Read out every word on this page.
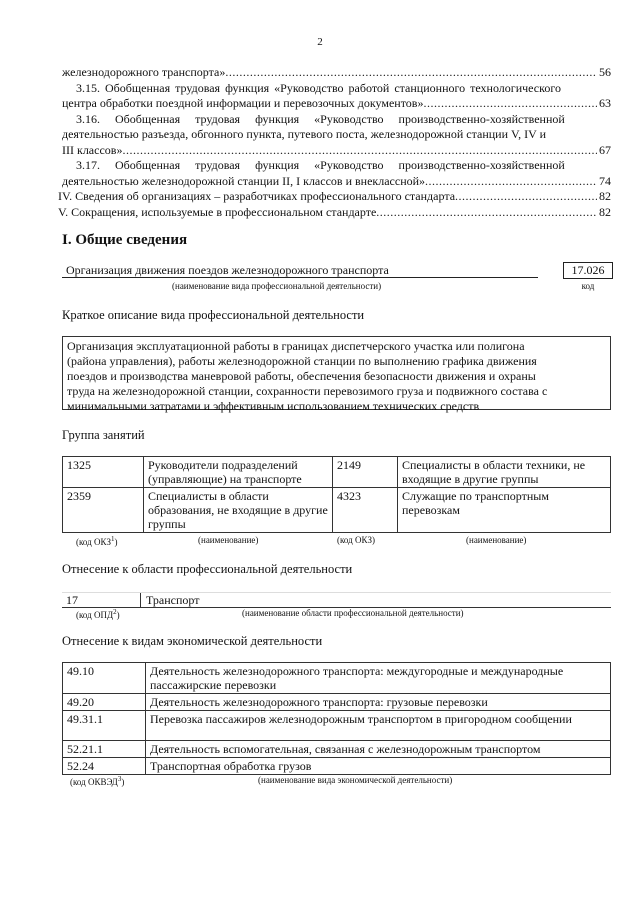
2
железнодорожного транспорта» .....	56
3.15. Обобщенная трудовая функция «Руководство работой станционного технологического
центра обработки поездной информации и перевозочных документов» .....	63
3.16. Обобщенная трудовая функция «Руководство производственно-хозяйственной
деятельностью разъезда, обгонного пункта, путевого поста, железнодорожной станции V, IV и
III классов» .....	67
3.17. Обобщенная трудовая функция «Руководство производственно-хозяйственной
деятельностью железнодорожной станции II, I классов и внеклассной» .....	74
IV. Сведения об организациях – разработчиках профессионального стандарта .....	82
V. Сокращения, используемые в профессиональном стандарте .....	82
I. Общие сведения
Организация движения поездов железнодорожного транспорта	17.026
(наименование вида профессиональной деятельности)	код
Краткое описание вида профессиональной деятельности
Организация эксплуатационной работы в границах диспетчерского участка или полигона
(района управления), работы железнодорожной станции по выполнению графика движения
поездов и производства маневровой работы, обеспечения безопасности движения и охраны
труда на железнодорожной станции, сохранности перевозимого груза и подвижного состава с
минимальными затратами и эффективным использованием технических средств
Группа занятий
1325	Руководители подразделений (управляющие) на транспорте	2149	Специалисты в области техники, не входящие в другие группы
2359	Специалисты в области образования, не входящие в другие группы	4323	Служащие по транспортным перевозкам
(код ОКЗ$^1$)	(наименование)	(код ОКЗ)	(наименование)
Отнесение к области профессиональной деятельности
17	Транспорт
(код ОПД$^2$)	(наименование области профессиональной деятельности)
Отнесение к видам экономической деятельности
49.10	Деятельность железнодорожного транспорта: междугородные и международные пассажирские перевозки
49.20	Деятельность железнодорожного транспорта: грузовые перевозки
49.31.1	Перевозка пассажиров железнодорожным транспортом в пригородном сообщении
52.21.1	Деятельность вспомогательная, связанная с железнодорожным транспортом
52.24	Транспортная обработка грузов
(код ОКВЭД$^3$)	(наименование вида экономической деятельности)
